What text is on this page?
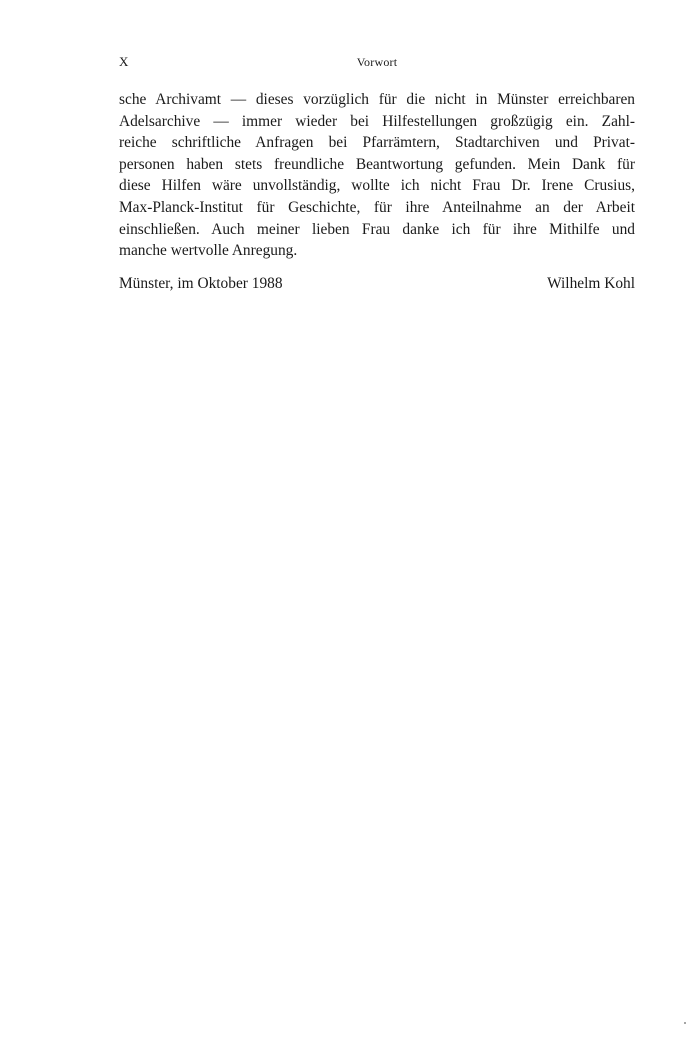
X	Vorwort
sche Archivamt — dieses vorzüglich für die nicht in Münster erreichbaren
Adelsarchive — immer wieder bei Hilfestellungen großzügig ein. Zahl-
reiche schriftliche Anfragen bei Pfarrämtern, Stadtarchiven und Privat-
personen haben stets freundliche Beantwortung gefunden. Mein Dank für
diese Hilfen wäre unvollständig, wollte ich nicht Frau Dr. Irene Crusius,
Max-Planck-Institut für Geschichte, für ihre Anteilnahme an der Arbeit
einschließen. Auch meiner lieben Frau danke ich für ihre Mithilfe und
manche wertvolle Anregung.
Münster, im Oktober 1988	Wilhelm Kohl
